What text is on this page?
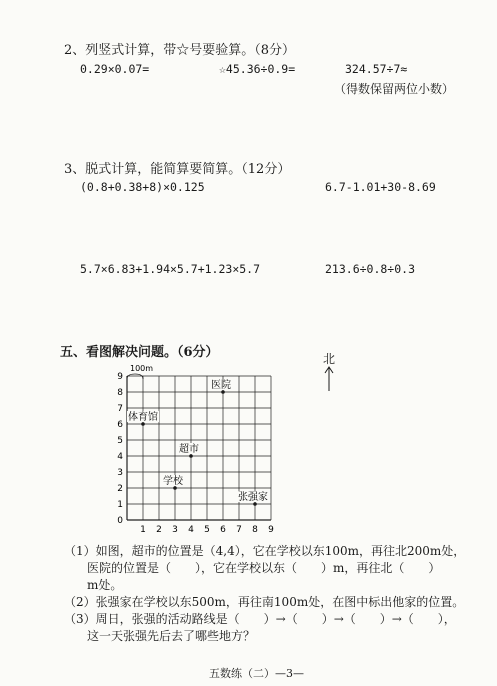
2、列竖式计算，带☆号要验算。（8分）
0.29×0.07=	☆45.36÷0.9=	324.57÷7≈
（得数保留两位小数）
3、脱式计算，能简算要简算。（12分）
(0.8+0.38+8)×0.125	6.7-1.01+30-8.69
5.7×6.83+1.94×5.7+1.23×5.7	213.6÷0.8÷0.3
五、看图解决问题。（6分）	北
1 2 3 4 5 6 7 8 9
0
1
2
3
4
5
6
7
8
9
医院
体育馆
超市
学校
张强家
100m
（1）如图，超市的位置是（4,4），它在学校以东100m，再往北200m处，
医院的位置是（　　），它在学校以东（　　）m，再往北（　　）
m处。
（2）张强家在学校以东500m，再往南100m处，在图中标出他家的位置。
（3）周日，张强的活动路线是（　　）→（　　）→（　　）→（　　），
这一天张强先后去了哪些地方？
五数练（二）—3—
